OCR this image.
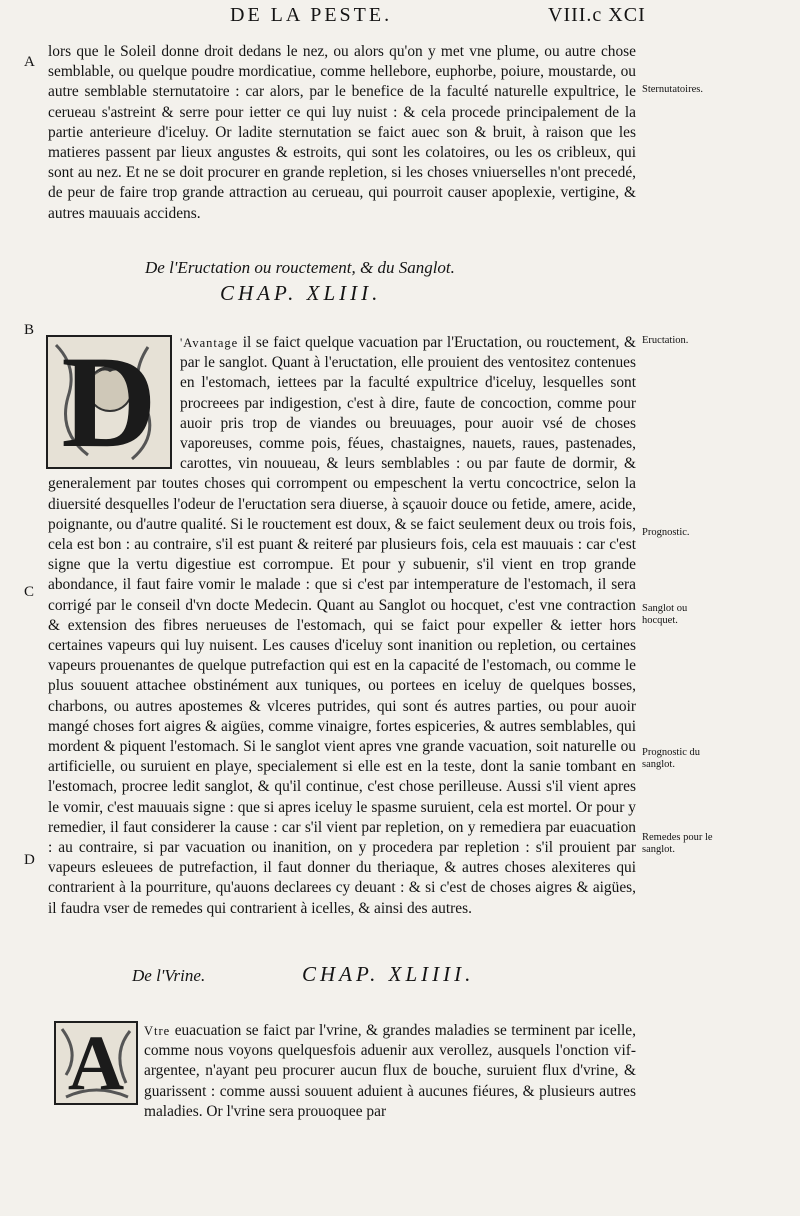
DE LA PESTE.	VIII.c XCI
A
B
C
D
Sternutatoires.
Eructation.
Prognostic.
Sanglot ou hocquet.
Prognostic du sanglot.
Remedes pour le sanglot.

lors que le Soleil donne droit dedans le nez, ou alors qu'on y met vne plume, ou autre chose semblable, ou quelque poudre mordicatiue, comme hellebore, euphorbe, poiure, moustarde, ou autre semblable sternutatoire : car alors, par le benefice de la faculté naturelle expultrice, le cerueau s'astreint & serre pour ietter ce qui luy nuist : & cela procede principalement de la partie anterieure d'iceluy. Or ladite sternutation se faict auec son & bruit, à raison que les matieres passent par lieux angustes & estroits, qui sont les colatoires, ou les os cribleux, qui sont au nez. Et ne se doit procurer en grande repletion, si les choses vniuerselles n'ont precedé, de peur de faire trop grande attraction au cerueau, qui pourroit causer apoplexie, vertigine, & autres mauuais accidens.

De l'Eructation ou rouctement, & du Sanglot.
CHAP. XLIII.
D	'Avantage il se faict quelque vacuation par l'Eructation, ou rouctement, & par le sanglot. Quant à l'eructation, elle prouient des ventositez contenues en l'estomach, iettees par la faculté expultrice d'iceluy, lesquelles sont procreees par indigestion, c'est à dire, faute de concoction, comme pour auoir pris trop de viandes ou breuuages, pour auoir vsé de choses vaporeuses, comme pois, féues, chastaignes, nauets, raues, pastenades, carottes, vin nouueau, & leurs semblables : ou par faute de dormir, & generalement par toutes choses qui corrompent ou empeschent la vertu concoctrice, selon la diuersité desquelles l'odeur de l'eructation sera diuerse, à sçauoir douce ou fetide, amere, acide, poignante, ou d'autre qualité. Si le rouctement est doux, & se faict seulement deux ou trois fois, cela est bon : au contraire, s'il est puant & reiteré par plusieurs fois, cela est mauuais : car c'est signe que la vertu digestiue est corrompue. Et pour y subuenir, s'il vient en trop grande abondance, il faut faire vomir le malade : que si c'est par intemperature de l'estomach, il sera corrigé par le conseil d'vn docte Medecin. Quant au Sanglot ou hocquet, c'est vne contraction & extension des fibres nerueuses de l'estomach, qui se faict pour expeller & ietter hors certaines vapeurs qui luy nuisent. Les causes d'iceluy sont inanition ou repletion, ou certaines vapeurs prouenantes de quelque putrefaction qui est en la capacité de l'estomach, ou comme le plus souuent attachee obstinément aux tuniques, ou portees en iceluy de quelques bosses, charbons, ou autres apostemes & vlceres putrides, qui sont és autres parties, ou pour auoir mangé choses fort aigres & aigües, comme vinaigre, fortes espiceries, & autres semblables, qui mordent & piquent l'estomach. Si le sanglot vient apres vne grande vacuation, soit naturelle ou artificielle, ou suruient en playe, specialement si elle est en la teste, dont la sanie tombant en l'estomach, procree ledit sanglot, & qu'il continue, c'est chose perilleuse. Aussi s'il vient apres le vomir, c'est mauuais signe : que si apres iceluy le spasme suruient, cela est mortel. Or pour y remedier, il faut considerer la cause : car s'il vient par repletion, on y remediera par euacuation : au contraire, si par vacuation ou inanition, on y procedera par repletion : s'il prouient par vapeurs esleuees de putrefaction, il faut donner du theriaque, & autres choses alexiteres qui contrarient à la pourriture, qu'auons declarees cy deuant : & si c'est de choses aigres & aigües, il faudra vser de remedes qui contrarient à icelles, & ainsi des autres.

De l'Vrine.	CHAP. XLIIII.
A	Vtre euacuation se faict par l'vrine, & grandes maladies se terminent par icelle, comme nous voyons quelquesfois aduenir aux verollez, ausquels l'onction vif-argentee, n'ayant peu procurer aucun flux de bouche, suruient flux d'vrine, & guarissent : comme aussi souuent aduient à aucunes fiéures, & plusieurs autres maladies. Or l'vrine sera prouoquee par
